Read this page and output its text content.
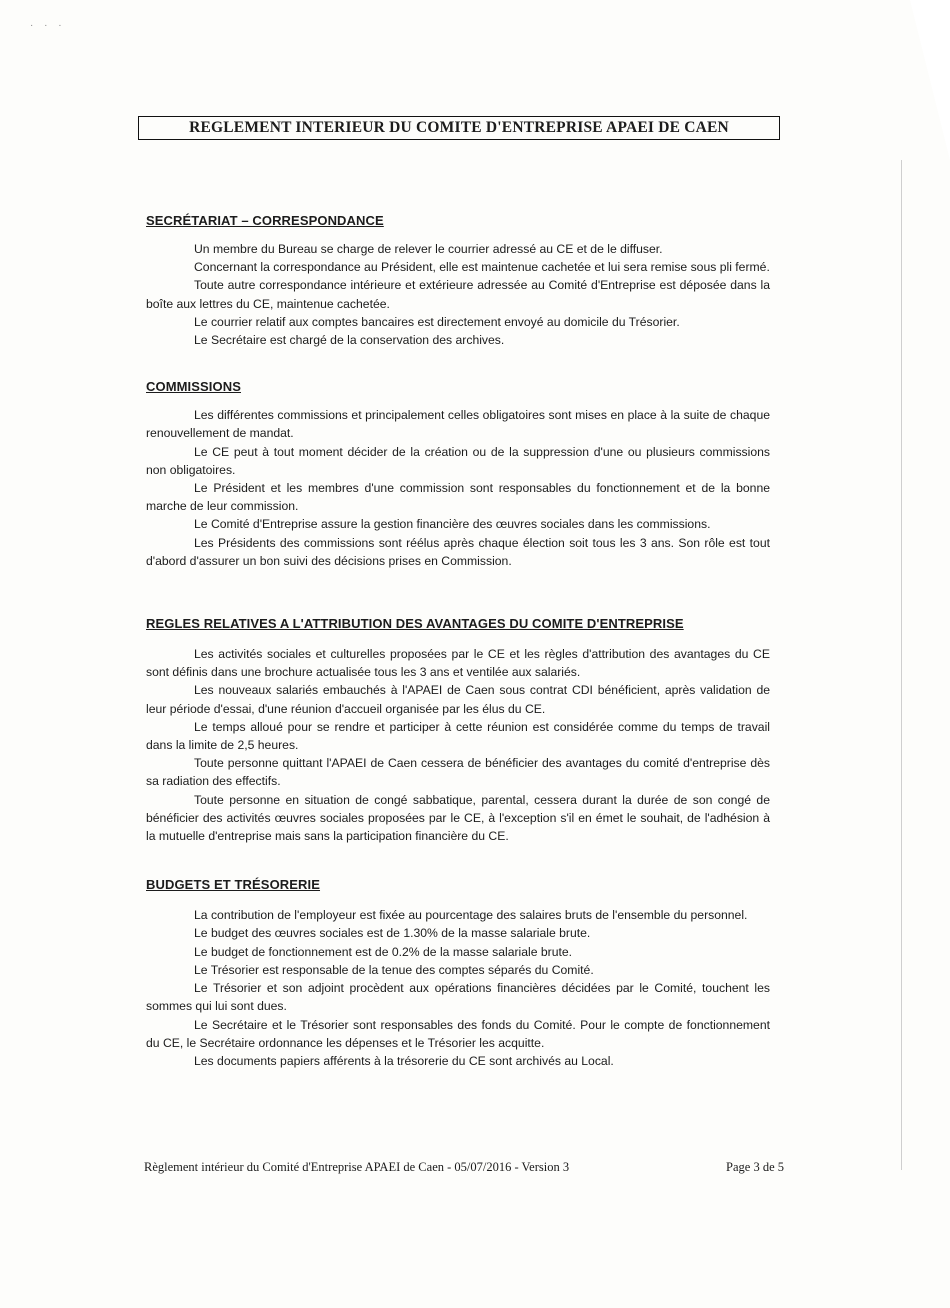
· · ·

REGLEMENT INTERIEUR DU COMITE D'ENTREPRISE APAEI DE CAEN
SECRÉTARIAT – CORRESPONDANCE

Un membre du Bureau se charge de relever le courrier adressé au CE et de le diffuser.

Concernant la correspondance au Président, elle est maintenue cachetée et lui sera remise sous pli fermé.

Toute autre correspondance intérieure et extérieure adressée au Comité d'Entreprise est déposée dans la boîte aux lettres du CE, maintenue cachetée.

Le courrier relatif aux comptes bancaires est directement envoyé au domicile du Trésorier.

Le Secrétaire est chargé de la conservation des archives.

COMMISSIONS

Les différentes commissions et principalement celles obligatoires sont mises en place à la suite de chaque renouvellement de mandat.

Le CE peut à tout moment décider de la création ou de la suppression d'une ou plusieurs commissions non obligatoires.

Le Président et les membres d'une commission sont responsables du fonctionnement et de la bonne marche de leur commission.

Le Comité d'Entreprise assure la gestion financière des œuvres sociales dans les commissions.

Les Présidents des commissions sont réélus après chaque élection soit tous les 3 ans. Son rôle est tout d'abord d'assurer un bon suivi des décisions prises en Commission.

REGLES RELATIVES A L'ATTRIBUTION DES AVANTAGES DU COMITE D'ENTREPRISE

Les activités sociales et culturelles proposées par le CE et les règles d'attribution des avantages du CE sont définis dans une brochure actualisée tous les 3 ans et ventilée aux salariés.

Les nouveaux salariés embauchés à l'APAEI de Caen sous contrat CDI bénéficient, après validation de leur période d'essai, d'une réunion d'accueil organisée par les élus du CE.

Le temps alloué pour se rendre et participer à cette réunion est considérée comme du temps de travail dans la limite de 2,5 heures.

Toute personne quittant l'APAEI de Caen cessera de bénéficier des avantages du comité d'entreprise dès sa radiation des effectifs.

Toute personne en situation de congé sabbatique, parental, cessera durant la durée de son congé de bénéficier des activités œuvres sociales proposées par le CE, à l'exception s'il en émet le souhait, de l'adhésion à la mutuelle d'entreprise mais sans la participation financière du CE.

BUDGETS ET TRÉSORERIE

La contribution de l'employeur est fixée au pourcentage des salaires bruts de l'ensemble du personnel.

Le budget des œuvres sociales est de 1.30% de la masse salariale brute.

Le budget de fonctionnement est de 0.2% de la masse salariale brute.

Le Trésorier est responsable de la tenue des comptes séparés du Comité.

Le Trésorier et son adjoint procèdent aux opérations financières décidées par le Comité, touchent les sommes qui lui sont dues.

Le Secrétaire et le Trésorier sont responsables des fonds du Comité. Pour le compte de fonctionnement du CE, le Secrétaire ordonnance les dépenses et le Trésorier les acquitte.

Les documents papiers afférents à la trésorerie du CE sont archivés au Local.

Règlement intérieur du Comité d'Entreprise APAEI de Caen - 05/07/2016 - Version 3	Page 3 de 5
